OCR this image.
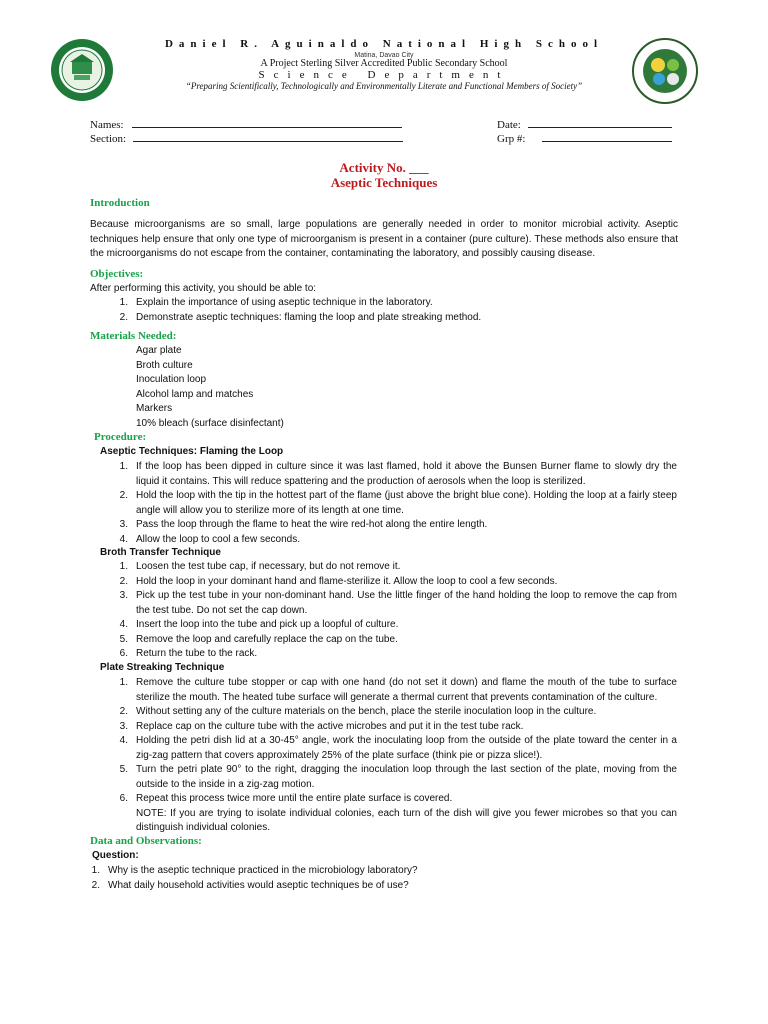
Daniel R. Aguinaldo National High School
Matina, Davao City
A Project Sterling Silver Accredited Public Secondary School
Science Department
“Preparing Scientifically, Technologically and Environmentally Literate and Functional Members of Society”
Names:
Section:
Date:
Grp #:
Activity No. ___
Aseptic Techniques
Introduction
Because microorganisms are so small, large populations are generally needed in order to monitor microbial activity. Aseptic techniques help ensure that only one type of microorganism is present in a container (pure culture). These methods also ensure that the microorganisms do not escape from the container, contaminating the laboratory, and possibly causing disease.
Objectives:
After performing this activity, you should be able to:
1. Explain the importance of using aseptic technique in the laboratory.
2. Demonstrate aseptic techniques: flaming the loop and plate streaking method.
Materials Needed:
Agar plate
Broth culture
Inoculation loop
Alcohol lamp and matches
Markers
10% bleach (surface disinfectant)
Procedure:
Aseptic Techniques: Flaming the Loop
1. If the loop has been dipped in culture since it was last flamed, hold it above the Bunsen Burner flame to slowly dry the liquid it contains. This will reduce spattering and the production of aerosols when the loop is sterilized.
2. Hold the loop with the tip in the hottest part of the flame (just above the bright blue cone). Holding the loop at a fairly steep angle will allow you to sterilize more of its length at one time.
3. Pass the loop through the flame to heat the wire red-hot along the entire length.
4. Allow the loop to cool a few seconds.
Broth Transfer Technique
1. Loosen the test tube cap, if necessary, but do not remove it.
2. Hold the loop in your dominant hand and flame-sterilize it. Allow the loop to cool a few seconds.
3. Pick up the test tube in your non-dominant hand. Use the little finger of the hand holding the loop to remove the cap from the test tube. Do not set the cap down.
4. Insert the loop into the tube and pick up a loopful of culture.
5. Remove the loop and carefully replace the cap on the tube.
6. Return the tube to the rack.
Plate Streaking Technique
1. Remove the culture tube stopper or cap with one hand (do not set it down) and flame the mouth of the tube to surface sterilize the mouth. The heated tube surface will generate a thermal current that prevents contamination of the culture.
2. Without setting any of the culture materials on the bench, place the sterile inoculation loop in the culture.
3. Replace cap on the culture tube with the active microbes and put it in the test tube rack.
4. Holding the petri dish lid at a 30-45° angle, work the inoculating loop from the outside of the plate toward the center in a zig-zag pattern that covers approximately 25% of the plate surface (think pie or pizza slice!).
5. Turn the petri plate 90° to the right, dragging the inoculation loop through the last section of the plate, moving from the outside to the inside in a zig-zag motion.
6. Repeat this process twice more until the entire plate surface is covered.
NOTE: If you are trying to isolate individual colonies, each turn of the dish will give you fewer microbes so that you can distinguish individual colonies.
Data and Observations:
Question:
1. Why is the aseptic technique practiced in the microbiology laboratory?
2. What daily household activities would aseptic techniques be of use?
